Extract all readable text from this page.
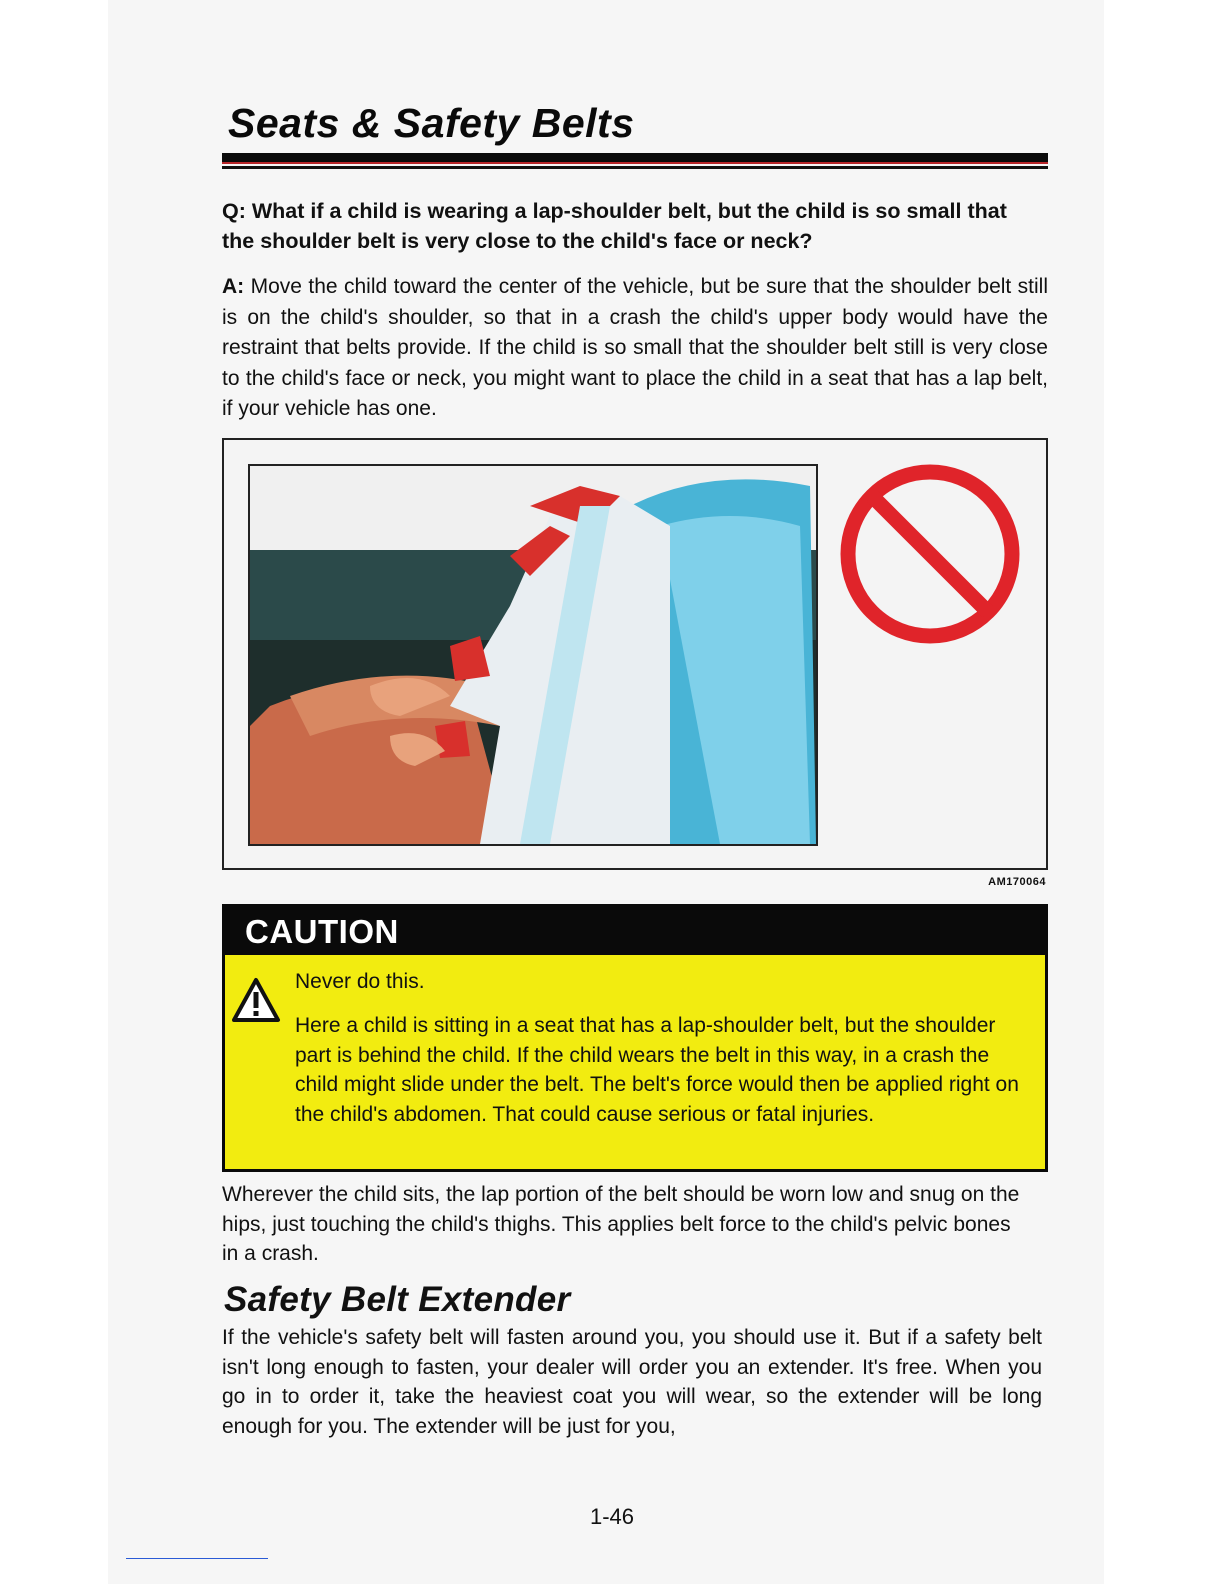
Seats & Safety Belts
Q: What if a child is wearing a lap-shoulder belt, but the child is so small that the shoulder belt is very close to the child's face or neck?
A: Move the child toward the center of the vehicle, but be sure that the shoulder belt still is on the child's shoulder, so that in a crash the child's upper body would have the restraint that belts provide. If the child is so small that the shoulder belt still is very close to the child's face or neck, you might want to place the child in a seat that has a lap belt, if your vehicle has one.
AM170064
CAUTION
Never do this.
Here a child is sitting in a seat that has a lap-shoulder belt, but the shoulder part is behind the child. If the child wears the belt in this way, in a crash the child might slide under the belt. The belt's force would then be applied right on the child's abdomen. That could cause serious or fatal injuries.
Wherever the child sits, the lap portion of the belt should be worn low and snug on the hips, just touching the child's thighs. This applies belt force to the child's pelvic bones in a crash.
Safety Belt Extender
If the vehicle's safety belt will fasten around you, you should use it. But if a safety belt isn't long enough to fasten, your dealer will order you an extender. It's free. When you go in to order it, take the heaviest coat you will wear, so the extender will be long enough for you. The extender will be just for you,
1-46
